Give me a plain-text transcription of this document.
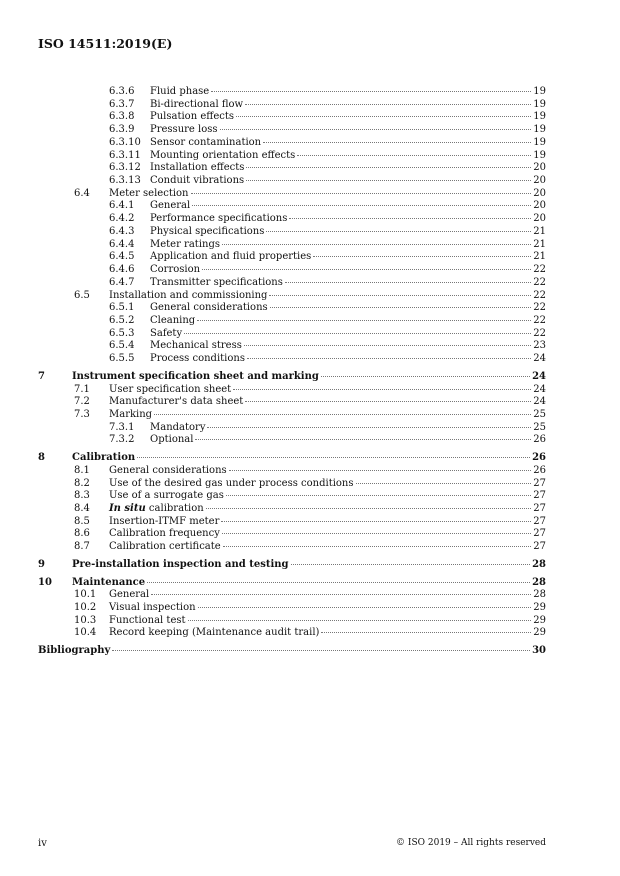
ISO 14511:2019(E)
6.3.6 Fluid phase	19
6.3.7 Bi-directional flow	19
6.3.8 Pulsation effects	19
6.3.9 Pressure loss	19
6.3.10 Sensor contamination	19
6.3.11 Mounting orientation effects	19
6.3.12 Installation effects	20
6.3.13 Conduit vibrations	20
6.4 Meter selection	20
6.4.1 General	20
6.4.2 Performance specifications	20
6.4.3 Physical specifications	21
6.4.4 Meter ratings	21
6.4.5 Application and fluid properties	21
6.4.6 Corrosion	22
6.4.7 Transmitter specifications	22
6.5 Installation and commissioning	22
6.5.1 General considerations	22
6.5.2 Cleaning	22
6.5.3 Safety	22
6.5.4 Mechanical stress	23
6.5.5 Process conditions	24
7	Instrument specification sheet and marking	24
7.1 User specification sheet	24
7.2 Manufacturer's data sheet	24
7.3 Marking	25
7.3.1 Mandatory	25
7.3.2 Optional	26
8	Calibration	26
8.1 General considerations	26
8.2 Use of the desired gas under process conditions	27
8.3 Use of a surrogate gas	27
8.4 In situ calibration	27
8.5 Insertion-ITMF meter	27
8.6 Calibration frequency	27
8.7 Calibration certificate	27
9	Pre-installation inspection and testing	28
10 Maintenance	28
10.1 General	28
10.2 Visual inspection	29
10.3 Functional test	29
10.4 Record keeping (Maintenance audit trail)	29
Bibliography	30
iv	© ISO 2019 – All rights reserved
